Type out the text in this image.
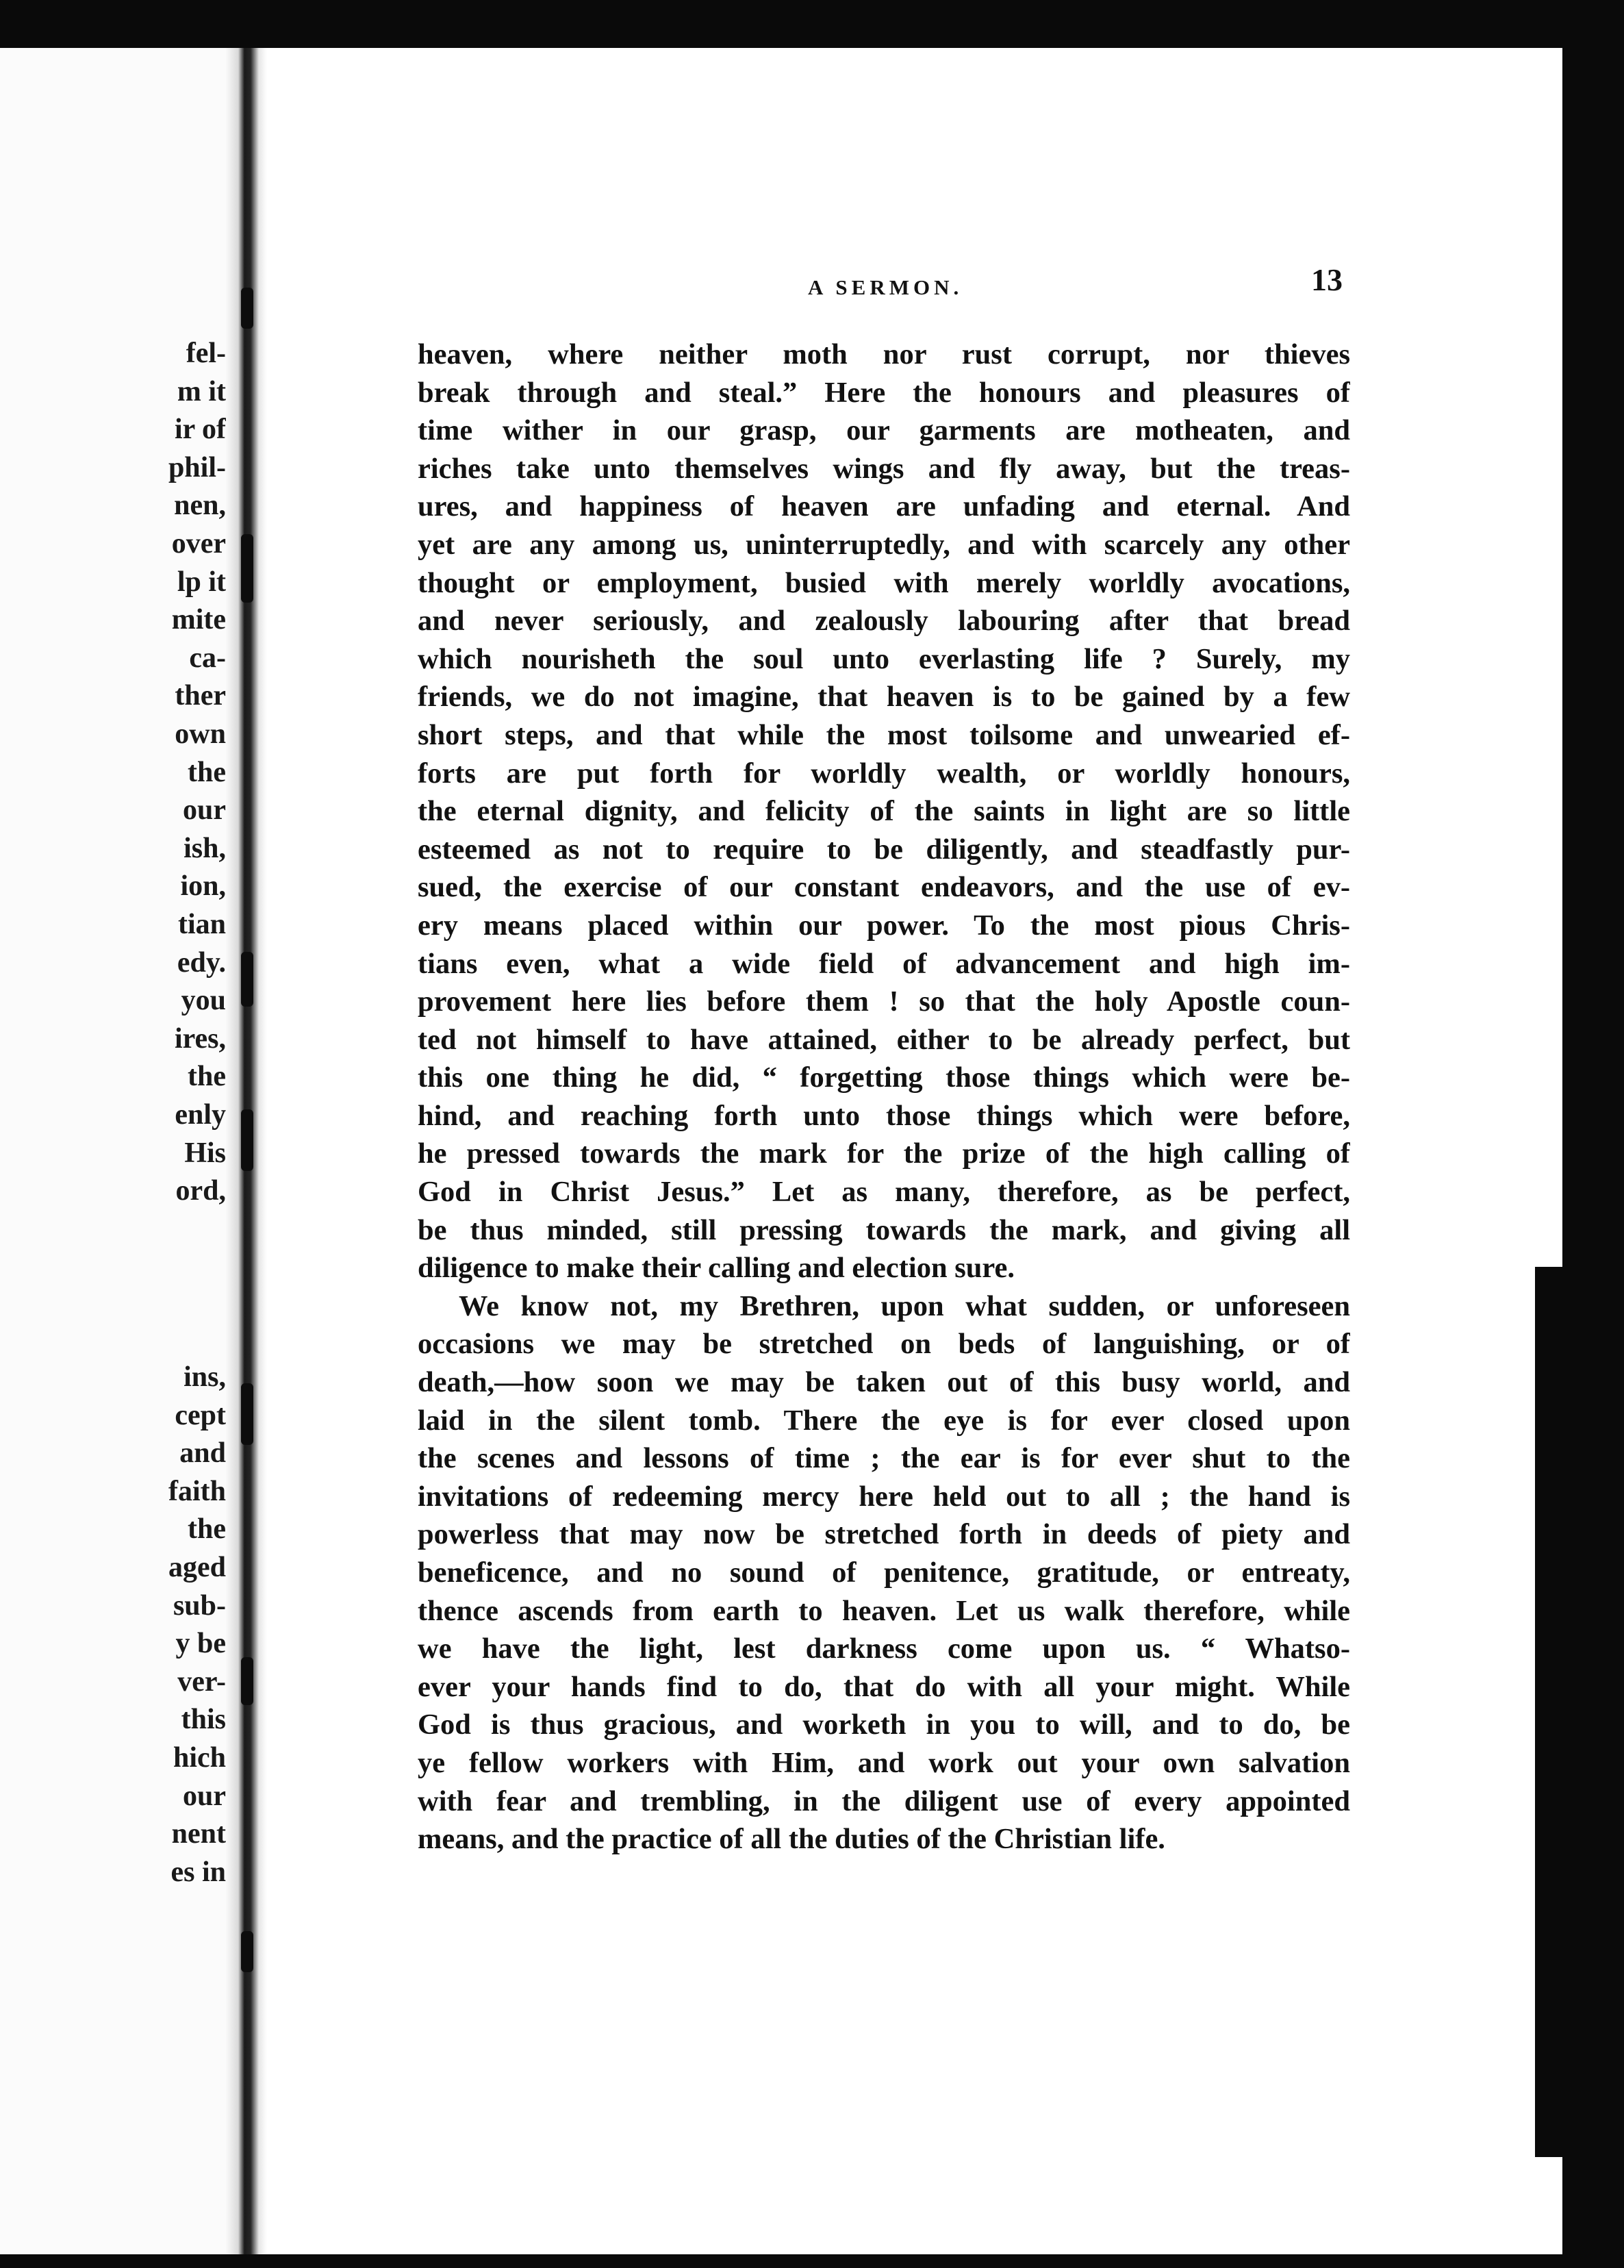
fel-
m it
ir of
phil-
nen,
over
lp it
mite
ca-
ther
own
the
our
ish,
ion,
tian
edy.
you
ires,
the
enly
His
ord,
ins,
cept
and
faith
the
aged
sub-
y be
ver-
this
hich
our
nent
es in
A SERMON.	13
heaven, where neither moth nor rust corrupt, nor thieves
break through and steal.” Here the honours and pleasures of
time wither in our grasp, our garments are motheaten, and
riches take unto themselves wings and fly away, but the treas-
ures, and happiness of heaven are unfading and eternal. And
yet are any among us, uninterruptedly, and with scarcely any other
thought or employment, busied with merely worldly avocations,
and never seriously, and zealously labouring after that bread
which nourisheth the soul unto everlasting life ? Surely, my
friends, we do not imagine, that heaven is to be gained by a few
short steps, and that while the most toilsome and unwearied ef-
forts are put forth for worldly wealth, or worldly honours,
the eternal dignity, and felicity of the saints in light are so little
esteemed as not to require to be diligently, and steadfastly pur-
sued, the exercise of our constant endeavors, and the use of ev-
ery means placed within our power. To the most pious Chris-
tians even, what a wide field of advancement and high im-
provement here lies before them ! so that the holy Apostle coun-
ted not himself to have attained, either to be already perfect, but
this one thing he did, “ forgetting those things which were be-
hind, and reaching forth unto those things which were before,
he pressed towards the mark for the prize of the high calling of
God in Christ Jesus.” Let as many, therefore, as be perfect,
be thus minded, still pressing towards the mark, and giving all
diligence to make their calling and election sure.
We know not, my Brethren, upon what sudden, or unforeseen
occasions we may be stretched on beds of languishing, or of
death,—how soon we may be taken out of this busy world, and
laid in the silent tomb. There the eye is for ever closed upon
the scenes and lessons of time ; the ear is for ever shut to the
invitations of redeeming mercy here held out to all ; the hand is
powerless that may now be stretched forth in deeds of piety and
beneficence, and no sound of penitence, gratitude, or entreaty,
thence ascends from earth to heaven. Let us walk therefore, while
we have the light, lest darkness come upon us. “ Whatso-
ever your hands find to do, that do with all your might. While
God is thus gracious, and worketh in you to will, and to do, be
ye fellow workers with Him, and work out your own salvation
with fear and trembling, in the diligent use of every appointed
means, and the practice of all the duties of the Christian life.
